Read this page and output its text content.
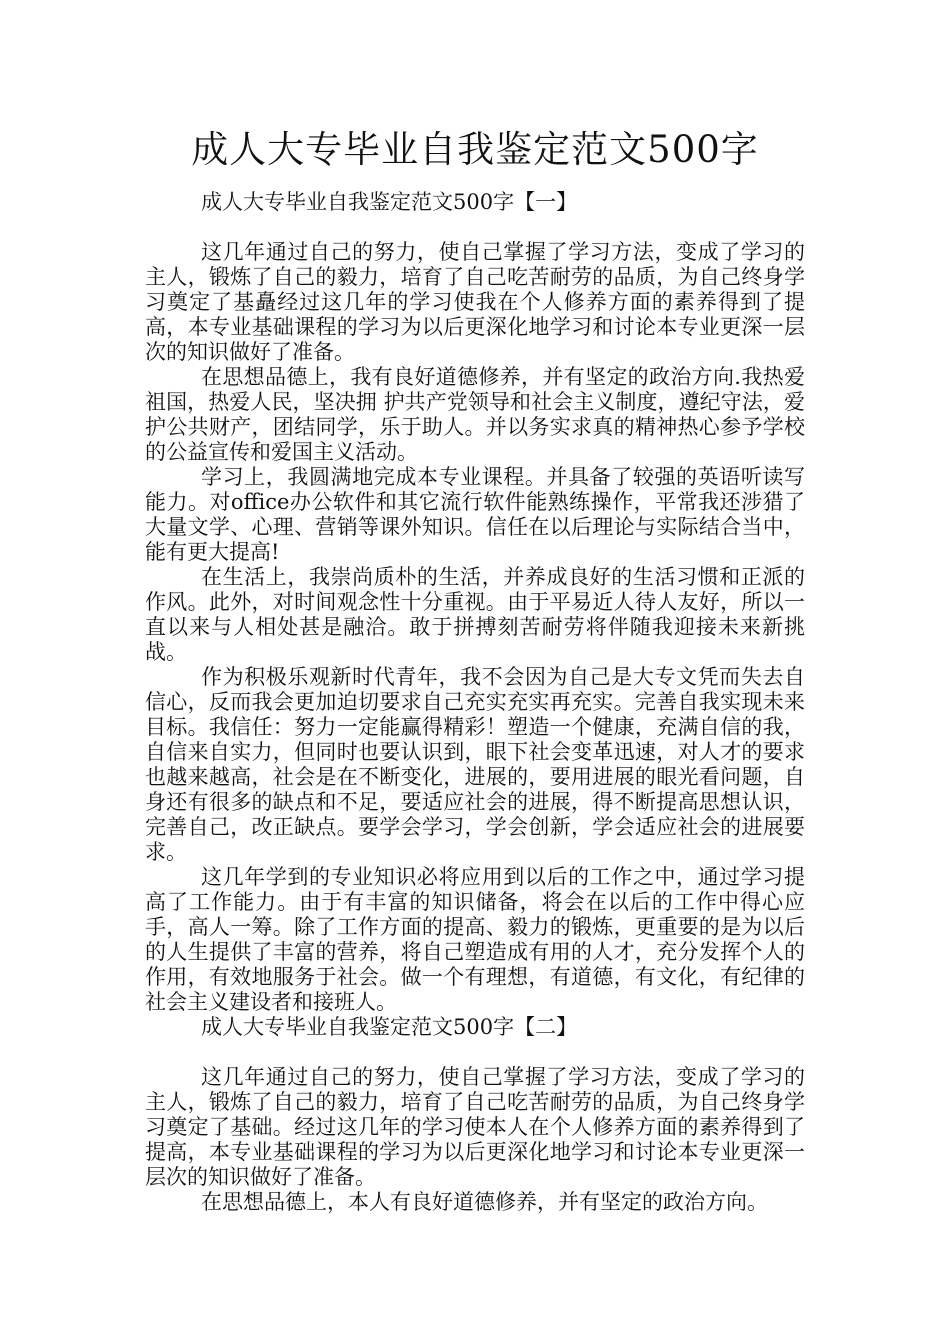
成人大专毕业自我鉴定范文500字

成人大专毕业自我鉴定范文500字【一】

这几年通过自己的努力，使自己掌握了学习方法，变成了学习的主人，锻炼了自己的毅力，培育了自己吃苦耐劳的品质，为自己终身学习奠定了基矗经过这几年的学习使我在个人修养方面的素养得到了提高，本专业基础课程的学习为以后更深化地学习和讨论本专业更深一层次的知识做好了准备。

在思想品德上，我有良好道德修养，并有坚定的政治方向.我热爱祖国，热爱人民，坚决拥 护共产党领导和社会主义制度，遵纪守法，爱护公共财产，团结同学，乐于助人。并以务实求真的精神热心参予学校的公益宣传和爱国主义活动。

学习上，我圆满地完成本专业课程。并具备了较强的英语听读写能力。对office办公软件和其它流行软件能熟练操作，平常我还涉猎了大量文学、心理、营销等课外知识。信任在以后理论与实际结合当中，能有更大提高!

在生活上，我崇尚质朴的生活，并养成良好的生活习惯和正派的作风。此外，对时间观念性十分重视。由于平易近人待人友好，所以一直以来与人相处甚是融洽。敢于拼搏刻苦耐劳将伴随我迎接未来新挑战。

作为积极乐观新时代青年，我不会因为自己是大专文凭而失去自信心，反而我会更加迫切要求自己充实充实再充实。完善自我实现未来目标。我信任：努力一定能赢得精彩！塑造一个健康，充满自信的我，自信来自实力，但同时也要认识到，眼下社会变革迅速，对人才的要求也越来越高，社会是在不断变化，进展的，要用进展的眼光看问题，自身还有很多的缺点和不足，要适应社会的进展，得不断提高思想认识，完善自己，改正缺点。要学会学习，学会创新，学会适应社会的进展要求。

这几年学到的专业知识必将应用到以后的工作之中，通过学习提高了工作能力。由于有丰富的知识储备，将会在以后的工作中得心应手，高人一筹。除了工作方面的提高、毅力的锻炼，更重要的是为以后的人生提供了丰富的营养，将自己塑造成有用的人才，充分发挥个人的作用，有效地服务于社会。做一个有理想，有道德，有文化，有纪律的社会主义建设者和接班人。

成人大专毕业自我鉴定范文500字【二】

这几年通过自己的努力，使自己掌握了学习方法，变成了学习的主人，锻炼了自己的毅力，培育了自己吃苦耐劳的品质，为自己终身学习奠定了基础。经过这几年的学习使本人在个人修养方面的素养得到了提高，本专业基础课程的学习为以后更深化地学习和讨论本专业更深一层次的知识做好了准备。

在思想品德上，本人有良好道德修养，并有坚定的政治方向。
